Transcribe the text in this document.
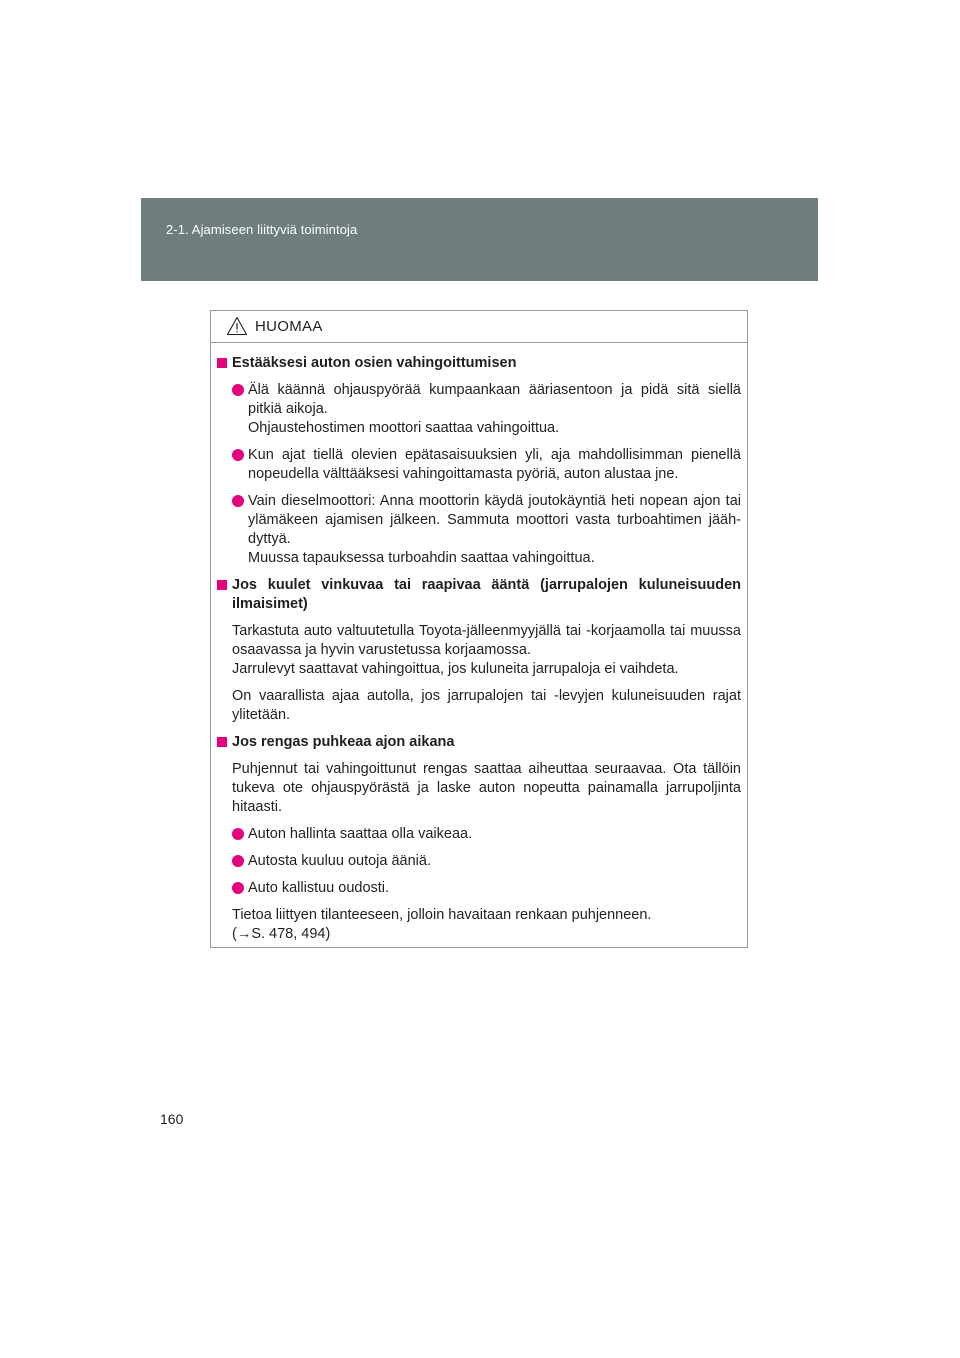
2-1. Ajamiseen liittyviä toimintoja
HUOMAA
Estääksesi auton osien vahingoittumisen
Älä käännä ohjauspyörää kumpaankaan ääriasentoon ja pidä sitä siellä pitkiä aikoja.
Ohjaustehostimen moottori saattaa vahingoittua.
Kun ajat tiellä olevien epätasaisuuksien yli, aja mahdollisimman pienellä nopeudella välttääksesi vahingoittamasta pyöriä, auton alustaa jne.
Vain dieselmoottori: Anna moottorin käydä joutokäyntiä heti nopean ajon tai ylämäkeen ajamisen jälkeen. Sammuta moottori vasta turboahtimen jääh-dyttyä.
Muussa tapauksessa turboahdin saattaa vahingoittua.
Jos kuulet vinkuvaa tai raapivaa ääntä (jarrupalojen kuluneisuuden ilmaisimet)
Tarkastuta auto valtuutetulla Toyota-jälleenmyyjällä tai -korjaamolla tai muussa osaavassa ja hyvin varustetussa korjaamossa.
Jarrulevyt saattavat vahingoittua, jos kuluneita jarrupaloja ei vaihdeta.
On vaarallista ajaa autolla, jos jarrupalojen tai -levyjen kuluneisuuden rajat ylitetään.
Jos rengas puhkeaa ajon aikana
Puhjennut tai vahingoittunut rengas saattaa aiheuttaa seuraavaa. Ota tällöin tukeva ote ohjauspyörästä ja laske auton nopeutta painamalla jarrupoljinta hitaasti.
Auton hallinta saattaa olla vaikeaa.
Autosta kuuluu outoja ääniä.
Auto kallistuu oudosti.
Tietoa liittyen tilanteeseen, jolloin havaitaan renkaan puhjenneen.
(→S. 478, 494)
160
